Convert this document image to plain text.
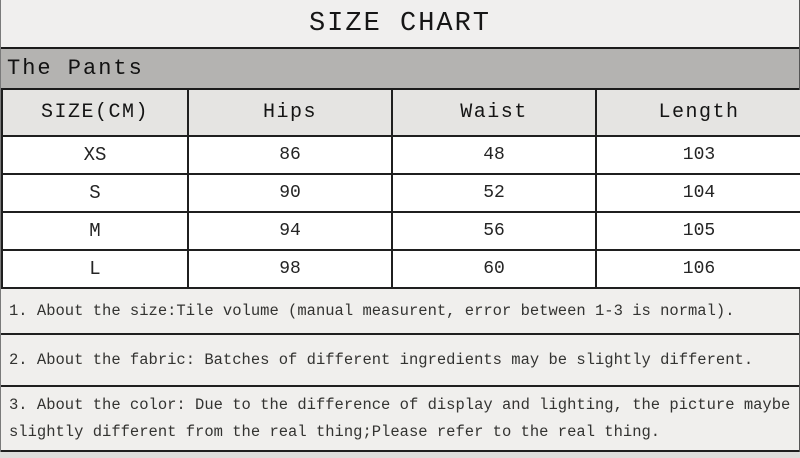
SIZE CHART
The Pants
SIZE(CM)	Hips	Waist	Length
XS	86	48	103
S	90	52	104
M	94	56	105
L	98	60	106
1. About the size:Tile volume (manual measurent, error between 1-3 is normal).
2. About the fabric: Batches of different ingredients may be slightly different.
3. About the color: Due to the difference of display and lighting, the picture maybe slightly different from the real thing;Please refer to the real thing.
